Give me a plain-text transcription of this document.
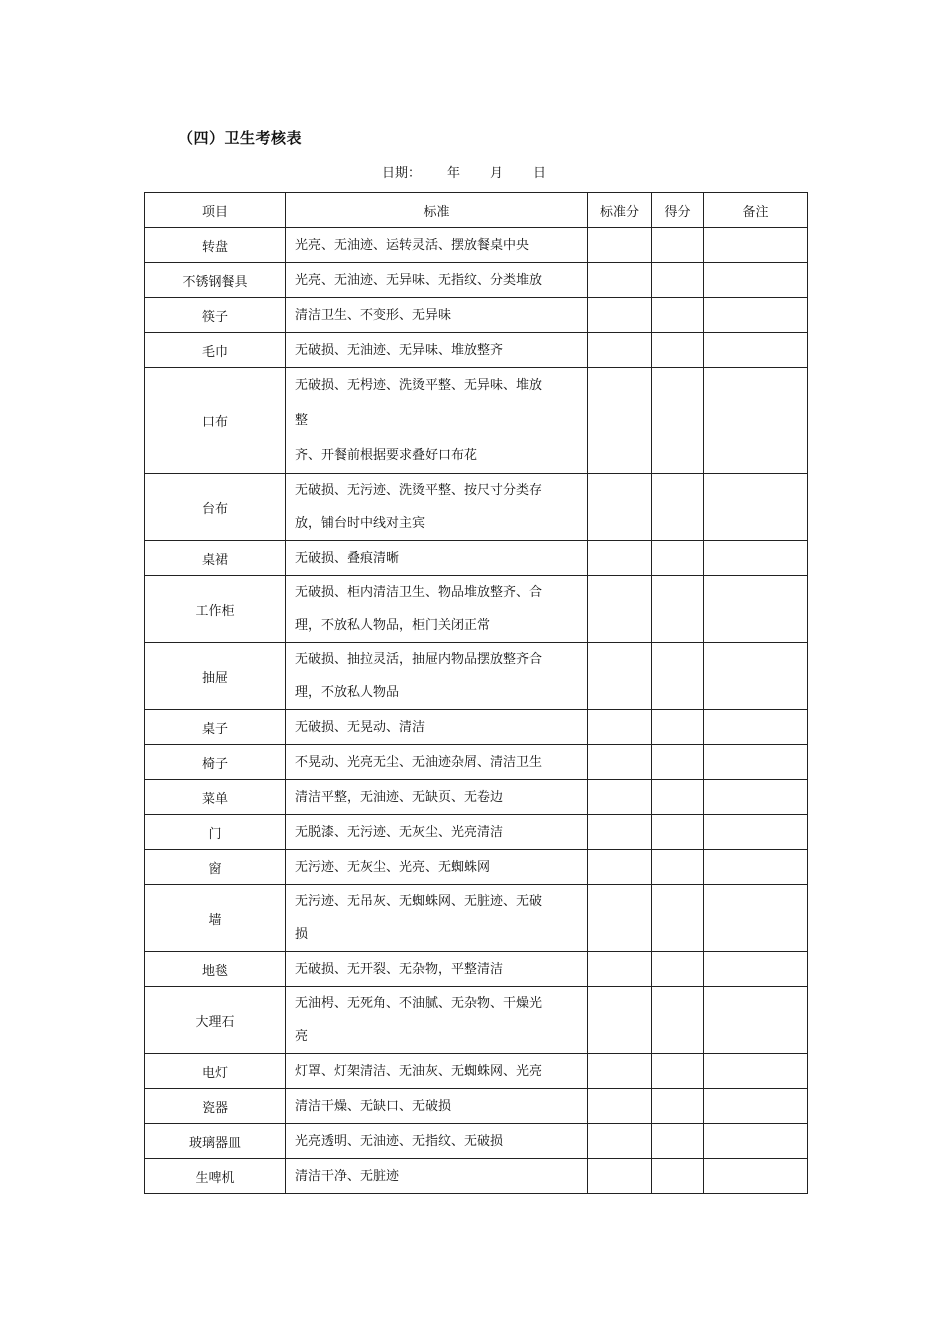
（四）卫生考核表
日期： 年 月 日
项目	标准	标准分	得分	备注
转盘	光亮、无油迹、运转灵活、摆放餐桌中央			

不锈钢餐具	光亮、无油迹、无异味、无指纹、分类堆放			

筷子	清洁卫生、不变形、无异味			

毛巾	无破损、无油迹、无异味、堆放整齐			

口布	无破损、无枵迹、洗烫平整、无异味、堆放
整
齐、开餐前根据要求叠好口布花			

台布	无破损、无污迹、洗烫平整、按尺寸分类存
放，铺台时中线对主宾			

桌裙	无破损、叠痕清晰			

工作柜	无破损、柜内清洁卫生、物品堆放整齐、合
理，不放私人物品，柜门关闭正常			

抽屉	无破损、抽拉灵活，抽屉内物品摆放整齐合
理，不放私人物品			

桌子	无破损、无晃动、清洁			

椅子	不晃动、光亮无尘、无油迹杂屑、清洁卫生			

菜单	清洁平整，无油迹、无缺页、无卷边			

门	无脱漆、无污迹、无灰尘、光亮清洁			

窗	无污迹、无灰尘、光亮、无蜘蛛网			

墙	无污迹、无吊灰、无蜘蛛网、无脏迹、无破
损			

地毯	无破损、无开裂、无杂物，平整清洁			

大理石	无油枵、无死角、不油腻、无杂物、干燥光
亮			

电灯	灯罩、灯架清洁、无油灰、无蜘蛛网、光亮			

瓷器	清洁干燥、无缺口、无破损			

玻璃器皿	光亮透明、无油迹、无指纹、无破损			

生啤机	清洁干净、无脏迹			
